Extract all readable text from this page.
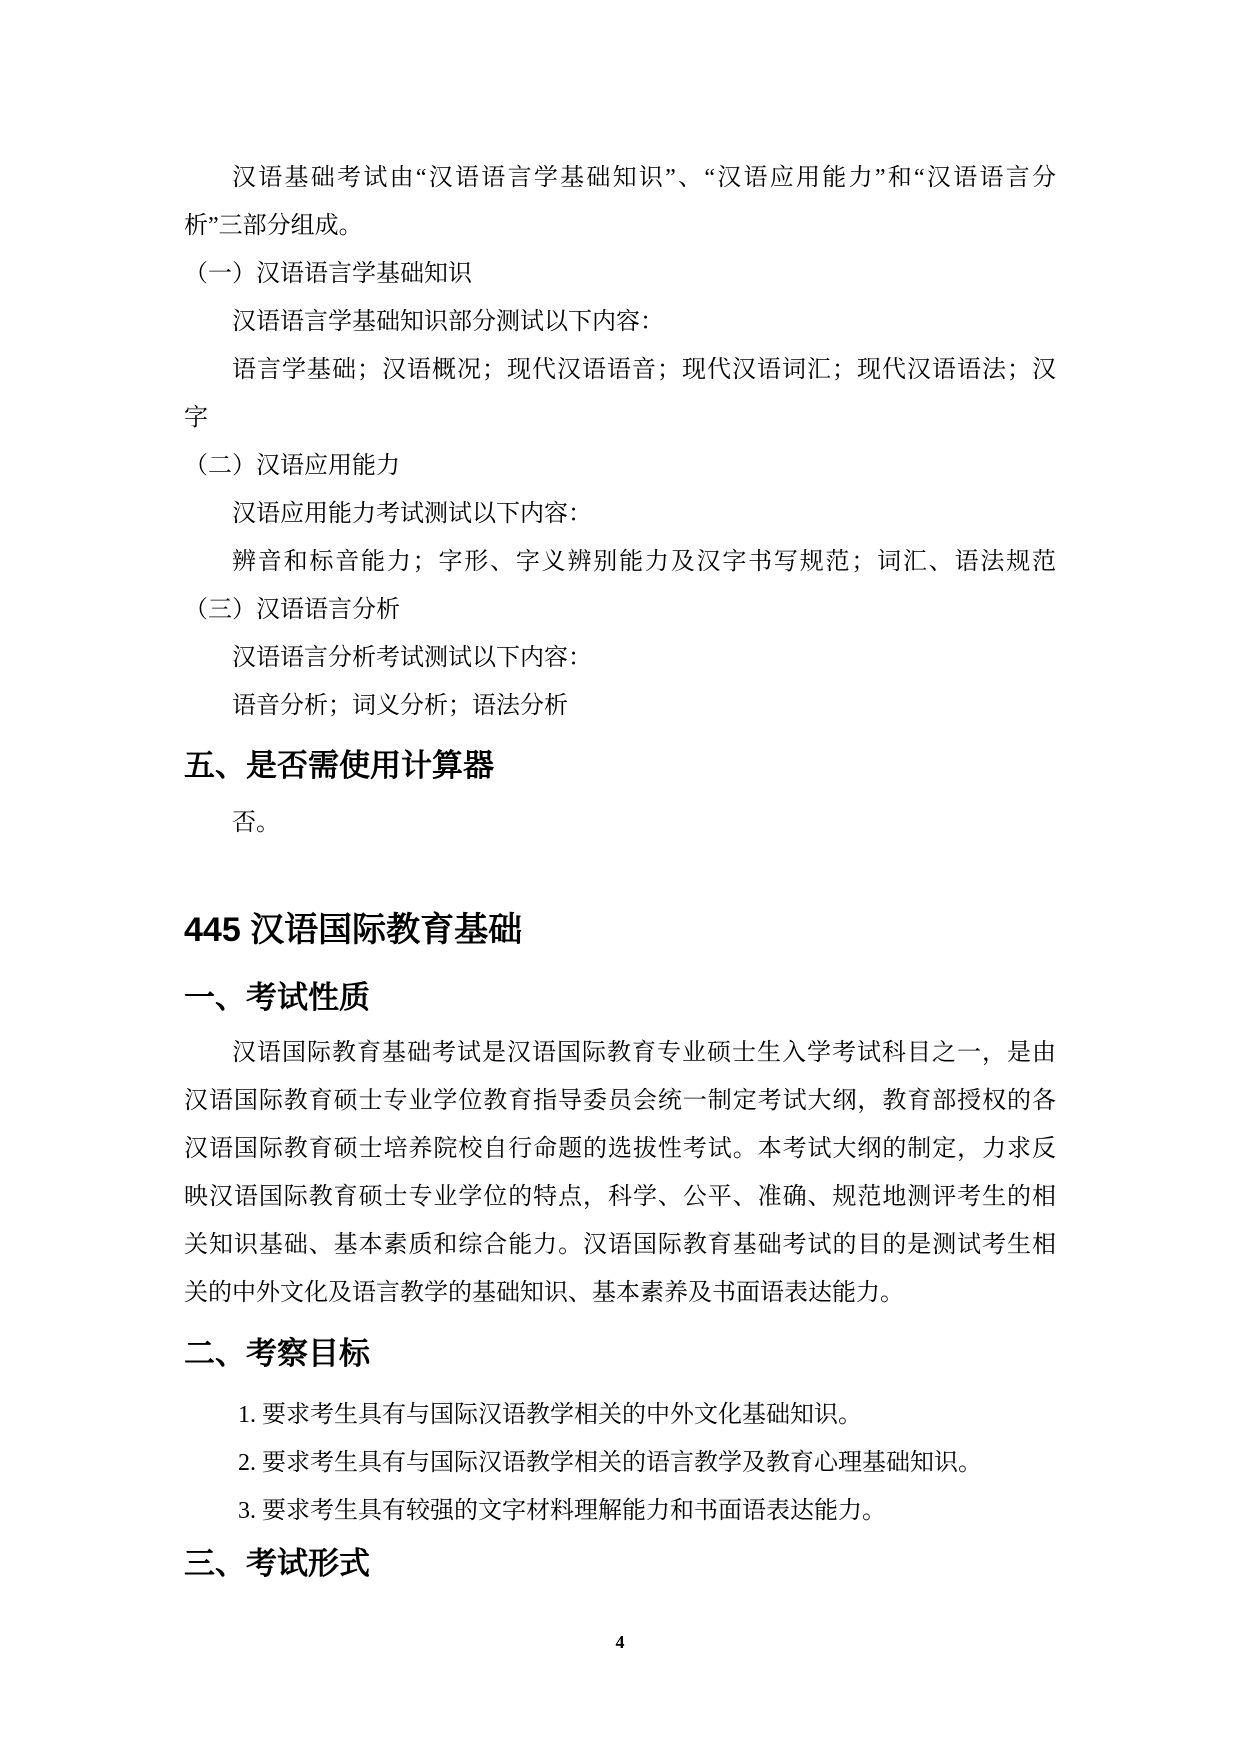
汉语基础考试由“汉语语言学基础知识”、“汉语应用能力”和“汉语语言分
析”三部分组成。
（一）汉语语言学基础知识
汉语语言学基础知识部分测试以下内容：
语言学基础；汉语概况；现代汉语语音；现代汉语词汇；现代汉语语法；汉
字
（二）汉语应用能力
汉语应用能力考试测试以下内容：
辨音和标音能力；字形、字义辨别能力及汉字书写规范；词汇、语法规范
（三）汉语语言分析
汉语语言分析考试测试以下内容：
语音分析；词义分析；语法分析
五、是否需使用计算器
否。
445 汉语国际教育基础
一、考试性质
汉语国际教育基础考试是汉语国际教育专业硕士生入学考试科目之一，是由
汉语国际教育硕士专业学位教育指导委员会统一制定考试大纲，教育部授权的各
汉语国际教育硕士培养院校自行命题的选拔性考试。本考试大纲的制定，力求反
映汉语国际教育硕士专业学位的特点，科学、公平、准确、规范地测评考生的相
关知识基础、基本素质和综合能力。汉语国际教育基础考试的目的是测试考生相
关的中外文化及语言教学的基础知识、基本素养及书面语表达能力。
二、考察目标
1. 要求考生具有与国际汉语教学相关的中外文化基础知识。
2. 要求考生具有与国际汉语教学相关的语言教学及教育心理基础知识。
3. 要求考生具有较强的文字材料理解能力和书面语表达能力。
三、考试形式
4
